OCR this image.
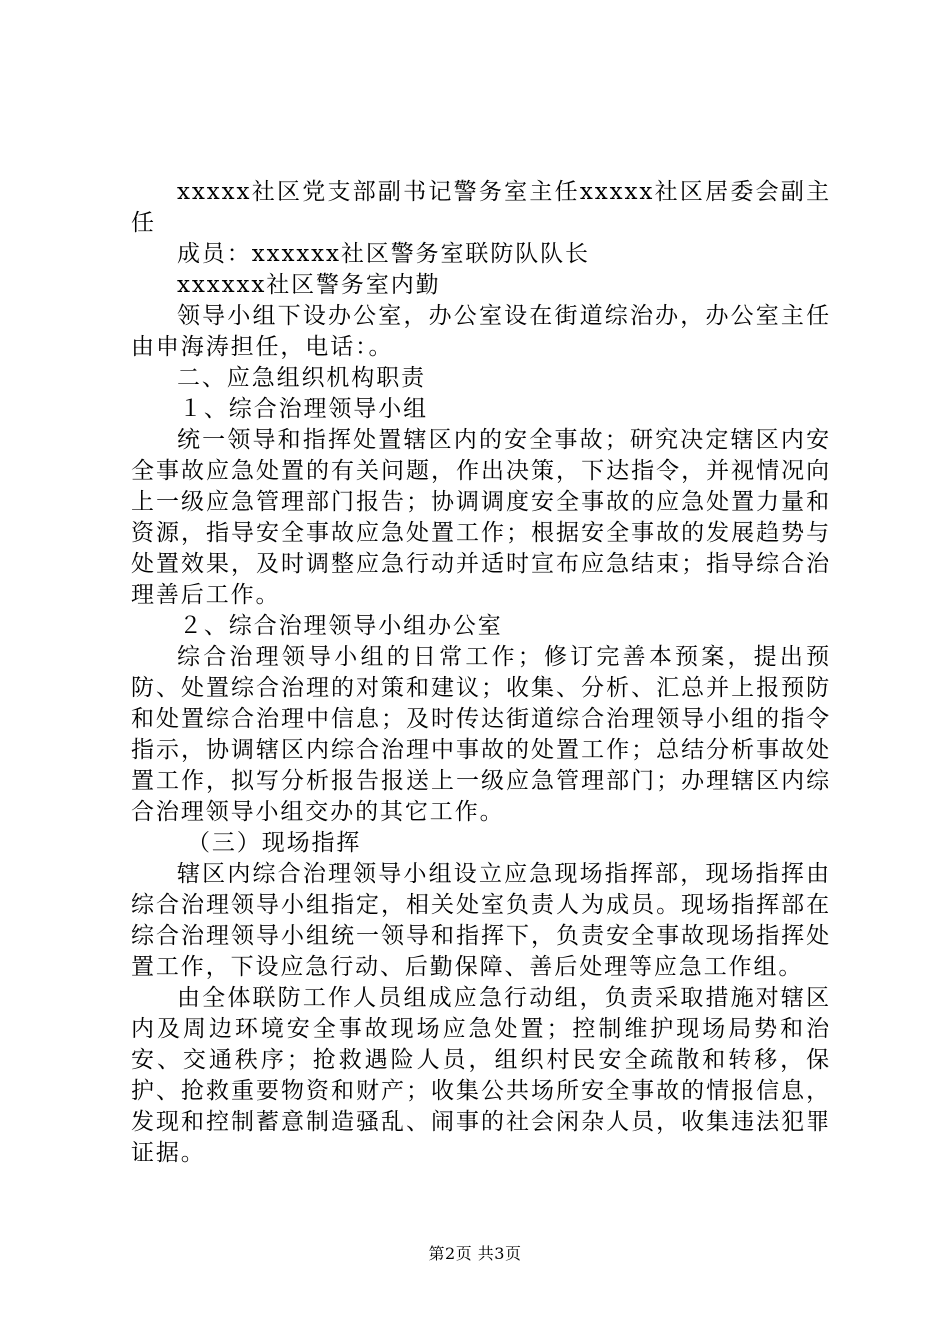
xxxxx社区党支部副书记警务室主任xxxxx社区居委会副主任

成员：xxxxxx社区警务室联防队队长

xxxxxx社区警务室内勤

领导小组下设办公室，办公室设在街道综治办，办公室主任由申海涛担任，电话：。

二、应急组织机构职责

１、综合治理领导小组

统一领导和指挥处置辖区内的安全事故；研究决定辖区内安全事故应急处置的有关问题，作出决策，下达指令，并视情况向上一级应急管理部门报告；协调调度安全事故的应急处置力量和资源，指导安全事故应急处置工作；根据安全事故的发展趋势与处置效果，及时调整应急行动并适时宣布应急结束；指导综合治理善后工作。

２、综合治理领导小组办公室

综合治理领导小组的日常工作；修订完善本预案，提出预防、处置综合治理的对策和建议；收集、分析、汇总并上报预防和处置综合治理中信息；及时传达街道综合治理领导小组的指令指示，协调辖区内综合治理中事故的处置工作；总结分析事故处置工作，拟写分析报告报送上一级应急管理部门；办理辖区内综合治理领导小组交办的其它工作。

（三）现场指挥

辖区内综合治理领导小组设立应急现场指挥部，现场指挥由综合治理领导小组指定，相关处室负责人为成员。现场指挥部在综合治理领导小组统一领导和指挥下，负责安全事故现场指挥处置工作，下设应急行动、后勤保障、善后处理等应急工作组。

由全体联防工作人员组成应急行动组，负责采取措施对辖区内及周边环境安全事故现场应急处置；控制维护现场局势和治安、交通秩序；抢救遇险人员，组织村民安全疏散和转移，保护、抢救重要物资和财产；收集公共场所安全事故的情报信息，发现和控制蓄意制造骚乱、闹事的社会闲杂人员，收集违法犯罪证据。

第2页 共3页
